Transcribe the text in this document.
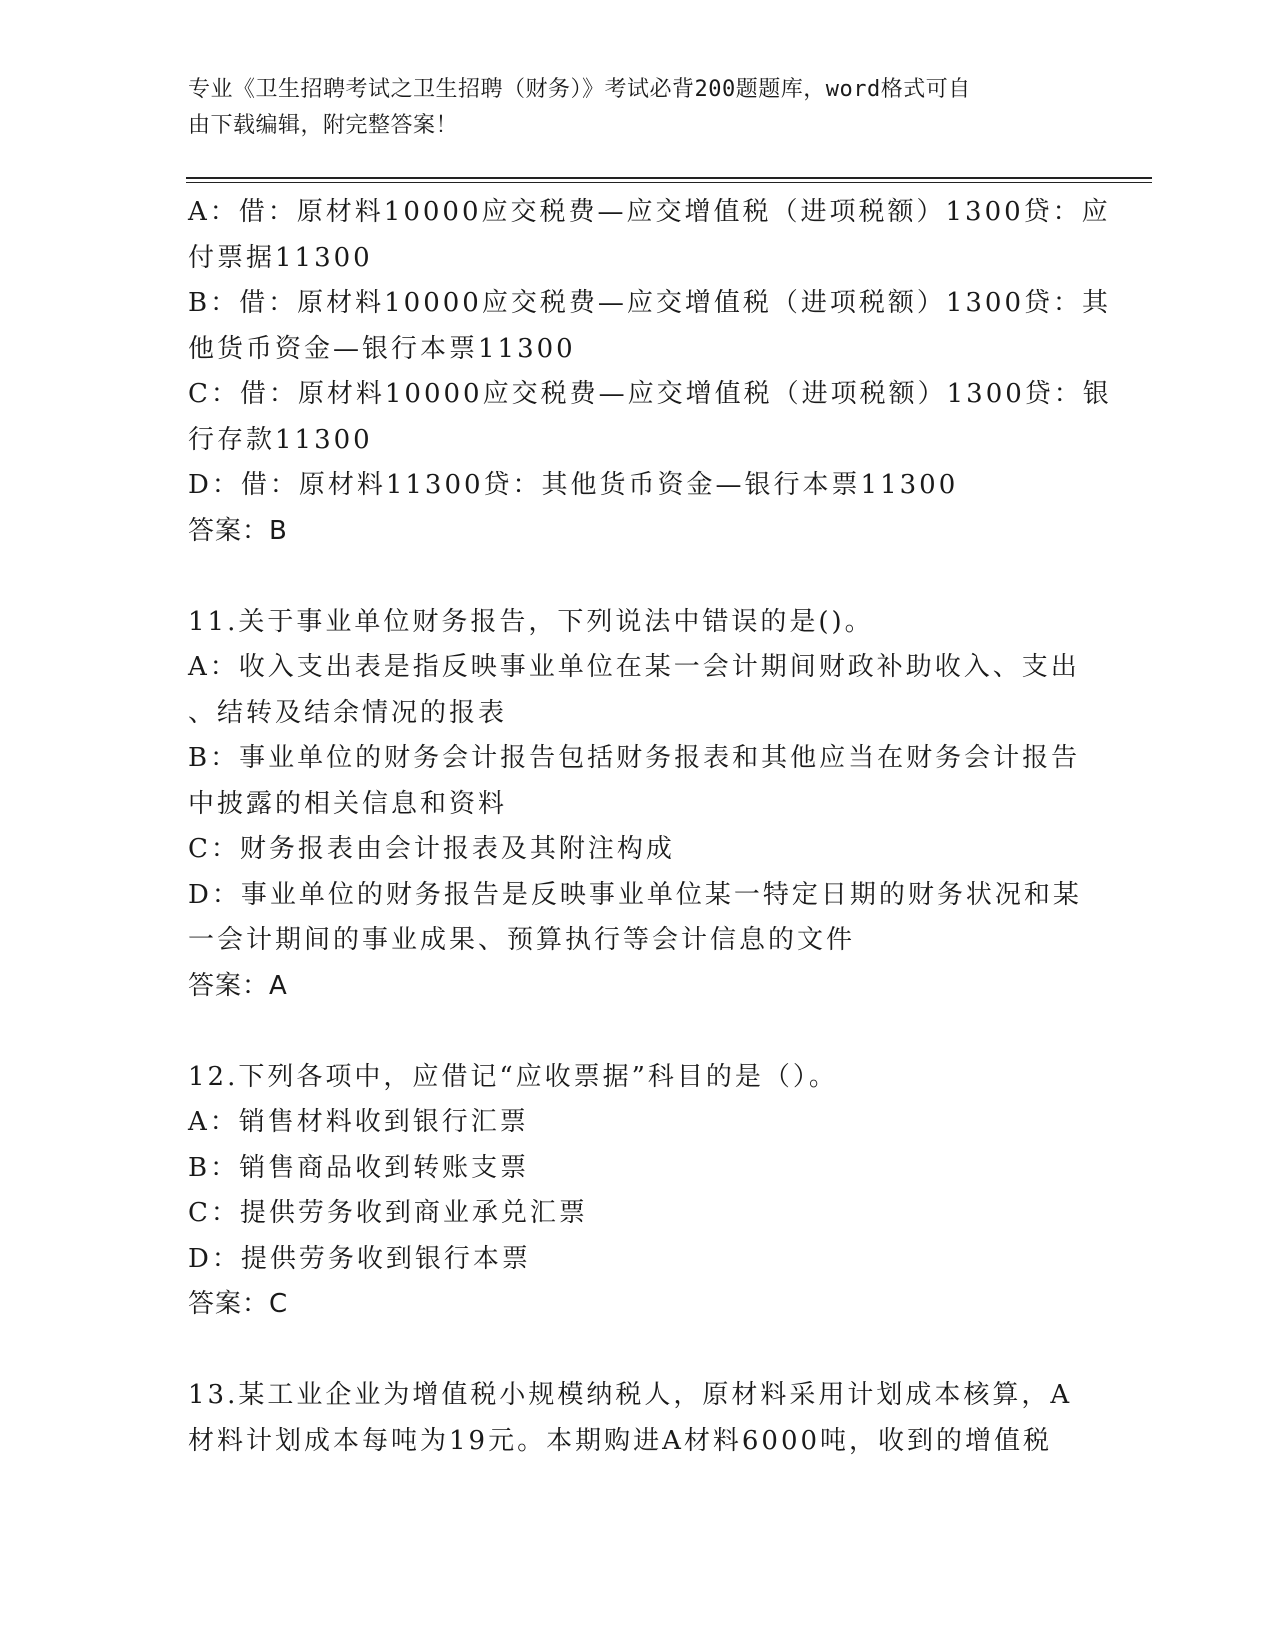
专业《卫生招聘考试之卫生招聘（财务）》考试必背200题题库，word格式可自
由下载编辑，附完整答案！
A：借：原材料10000应交税费—应交增值税（进项税额）1300贷：应
付票据11300
B：借：原材料10000应交税费—应交增值税（进项税额）1300贷：其
他货币资金—银行本票11300
C：借：原材料10000应交税费—应交增值税（进项税额）1300贷：银
行存款11300
D：借：原材料11300贷：其他货币资金—银行本票11300
答案：B
11.关于事业单位财务报告，下列说法中错误的是()。
A：收入支出表是指反映事业单位在某一会计期间财政补助收入、支出
、结转及结余情况的报表
B：事业单位的财务会计报告包括财务报表和其他应当在财务会计报告
中披露的相关信息和资料
C：财务报表由会计报表及其附注构成
D：事业单位的财务报告是反映事业单位某一特定日期的财务状况和某
一会计期间的事业成果、预算执行等会计信息的文件
答案：A
12.下列各项中，应借记“应收票据”科目的是（）。
A：销售材料收到银行汇票
B：销售商品收到转账支票
C：提供劳务收到商业承兑汇票
D：提供劳务收到银行本票
答案：C
13.某工业企业为增值税小规模纳税人，原材料采用计划成本核算，A
材料计划成本每吨为19元。本期购进A材料6000吨，收到的增值税
